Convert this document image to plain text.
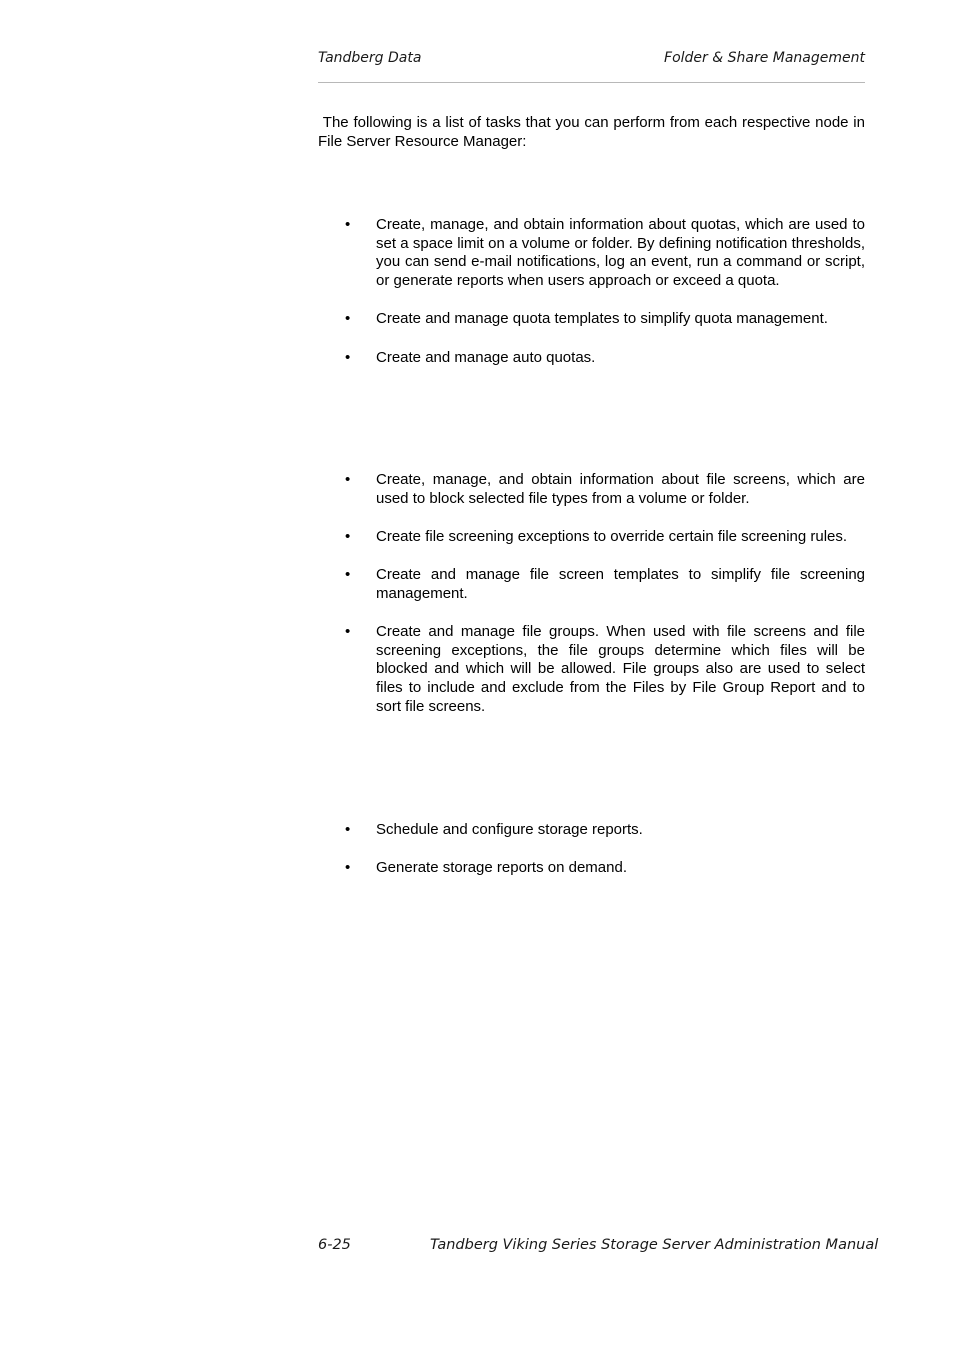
Tandberg Data	Folder & Share Management

The following is a list of tasks that you can perform from each respective node in File Server Resource Manager:

• Create, manage, and obtain information about quotas, which are used to set a space limit on a volume or folder. By defining notification thresholds, you can send e-mail notifications, log an event, run a command or script, or generate reports when users approach or exceed a quota.
• Create and manage quota templates to simplify quota management.
• Create and manage auto quotas.
• Create, manage, and obtain information about file screens, which are used to block selected file types from a volume or folder.
• Create file screening exceptions to override certain file screening rules.
• Create and manage file screen templates to simplify file screening management.
• Create and manage file groups. When used with file screens and file screening exceptions, the file groups determine which files will be blocked and which will be allowed. File groups also are used to select files to include and exclude from the Files by File Group Report and to sort file screens.
• Schedule and configure storage reports.
• Generate storage reports on demand.
6-25	Tandberg Viking Series Storage Server Administration Manual
